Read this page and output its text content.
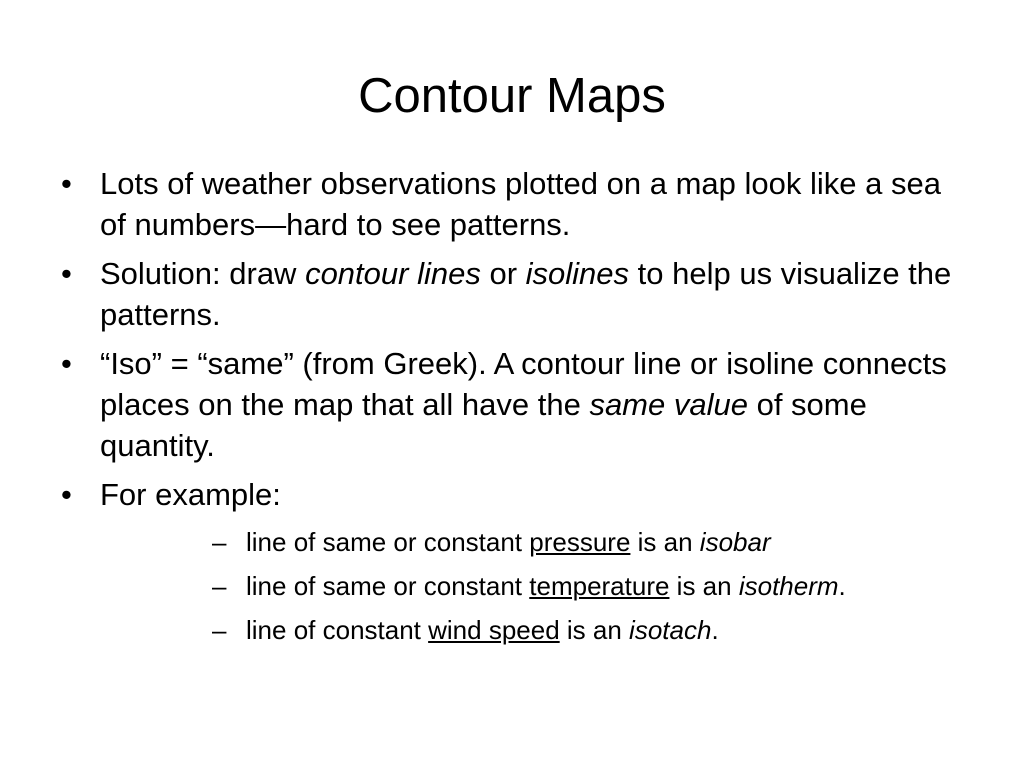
Contour Maps
• Lots of weather observations plotted on a map look like a sea of numbers—hard to see patterns.
• Solution: draw contour lines or isolines to help us visualize the patterns.
• “Iso” = “same” (from Greek). A contour line or isoline connects places on the map that all have the same value of some quantity.
• For example:
– line of same or constant pressure is an isobar
– line of same or constant temperature is an isotherm.
– line of constant wind speed is an isotach.
